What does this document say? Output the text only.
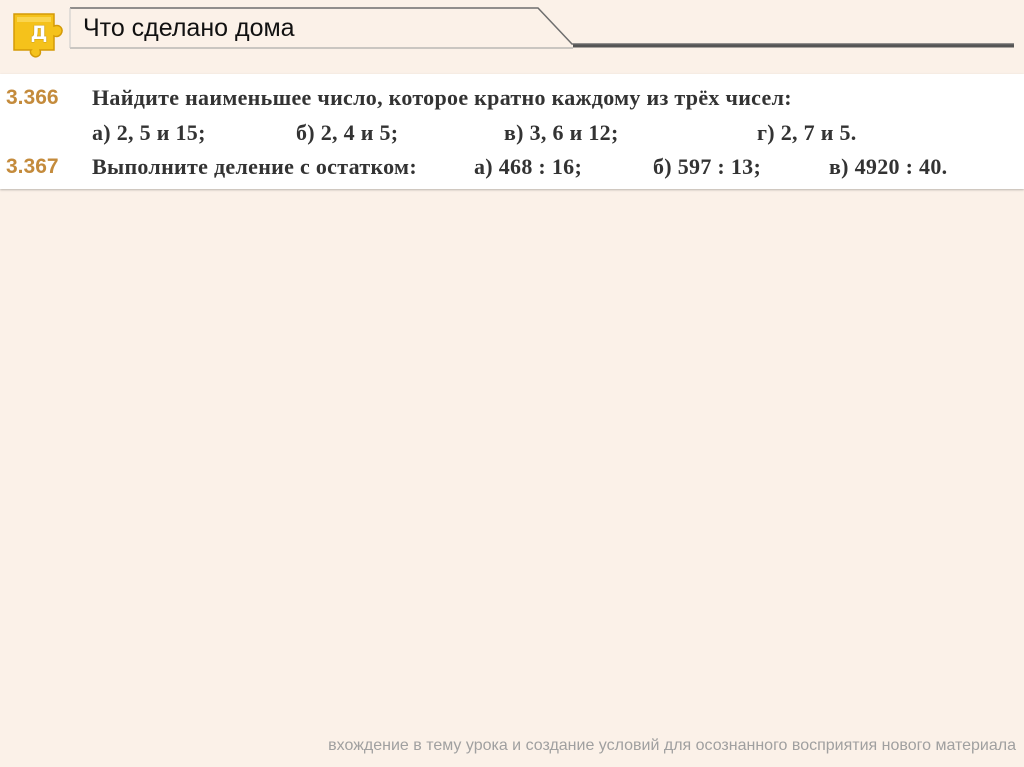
Д Что сделано дома
3.366 Найдите наименьшее число, которое кратно каждому из трёх чисел:
а) 2, 5 и 15;	б) 2, 4 и 5;	в) 3, 6 и 12;	г) 2, 7 и 5.
3.367 Выполните деление с остатком:	а) 468 : 16;	б) 597 : 13;	в) 4920 : 40.
вхождение в тему урока и создание условий для осознанного восприятия нового материала
